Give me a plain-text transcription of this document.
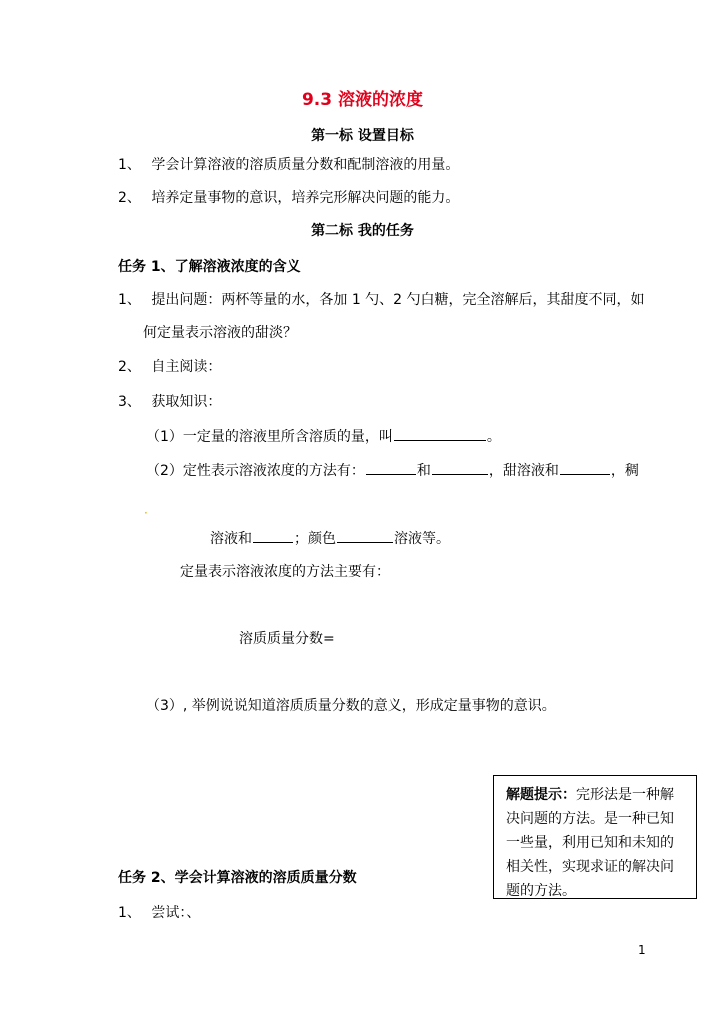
9.3 溶液的浓度
第一标 设置目标
1、 学会计算溶液的溶质质量分数和配制溶液的用量。
2、 培养定量事物的意识，培养完形解决问题的能力。
第二标 我的任务
任务 1、了解溶液浓度的含义
1、 提出问题：两杯等量的水，各加 1 勺、2 勺白糖，完全溶解后，其甜度不同，如
何定量表示溶液的甜淡？
2、 自主阅读：
3、 获取知识：
（1）一定量的溶液里所含溶质的量，叫	。
（2）定性表示溶液浓度的方法有：	和	，甜溶液和	，稠
·
溶液和	；颜色	溶液等。
定量表示溶液浓度的方法主要有：
溶质质量分数=
（3）, 举例说说知道溶质质量分数的意义，形成定量事物的意识。
解题提示：完形法是一种解决问题的方法。是一种已知一些量，利用已知和未知的相关性，实现求证的解决问题的方法。
任务 2、学会计算溶液的溶质质量分数
1、 尝试：、
1
